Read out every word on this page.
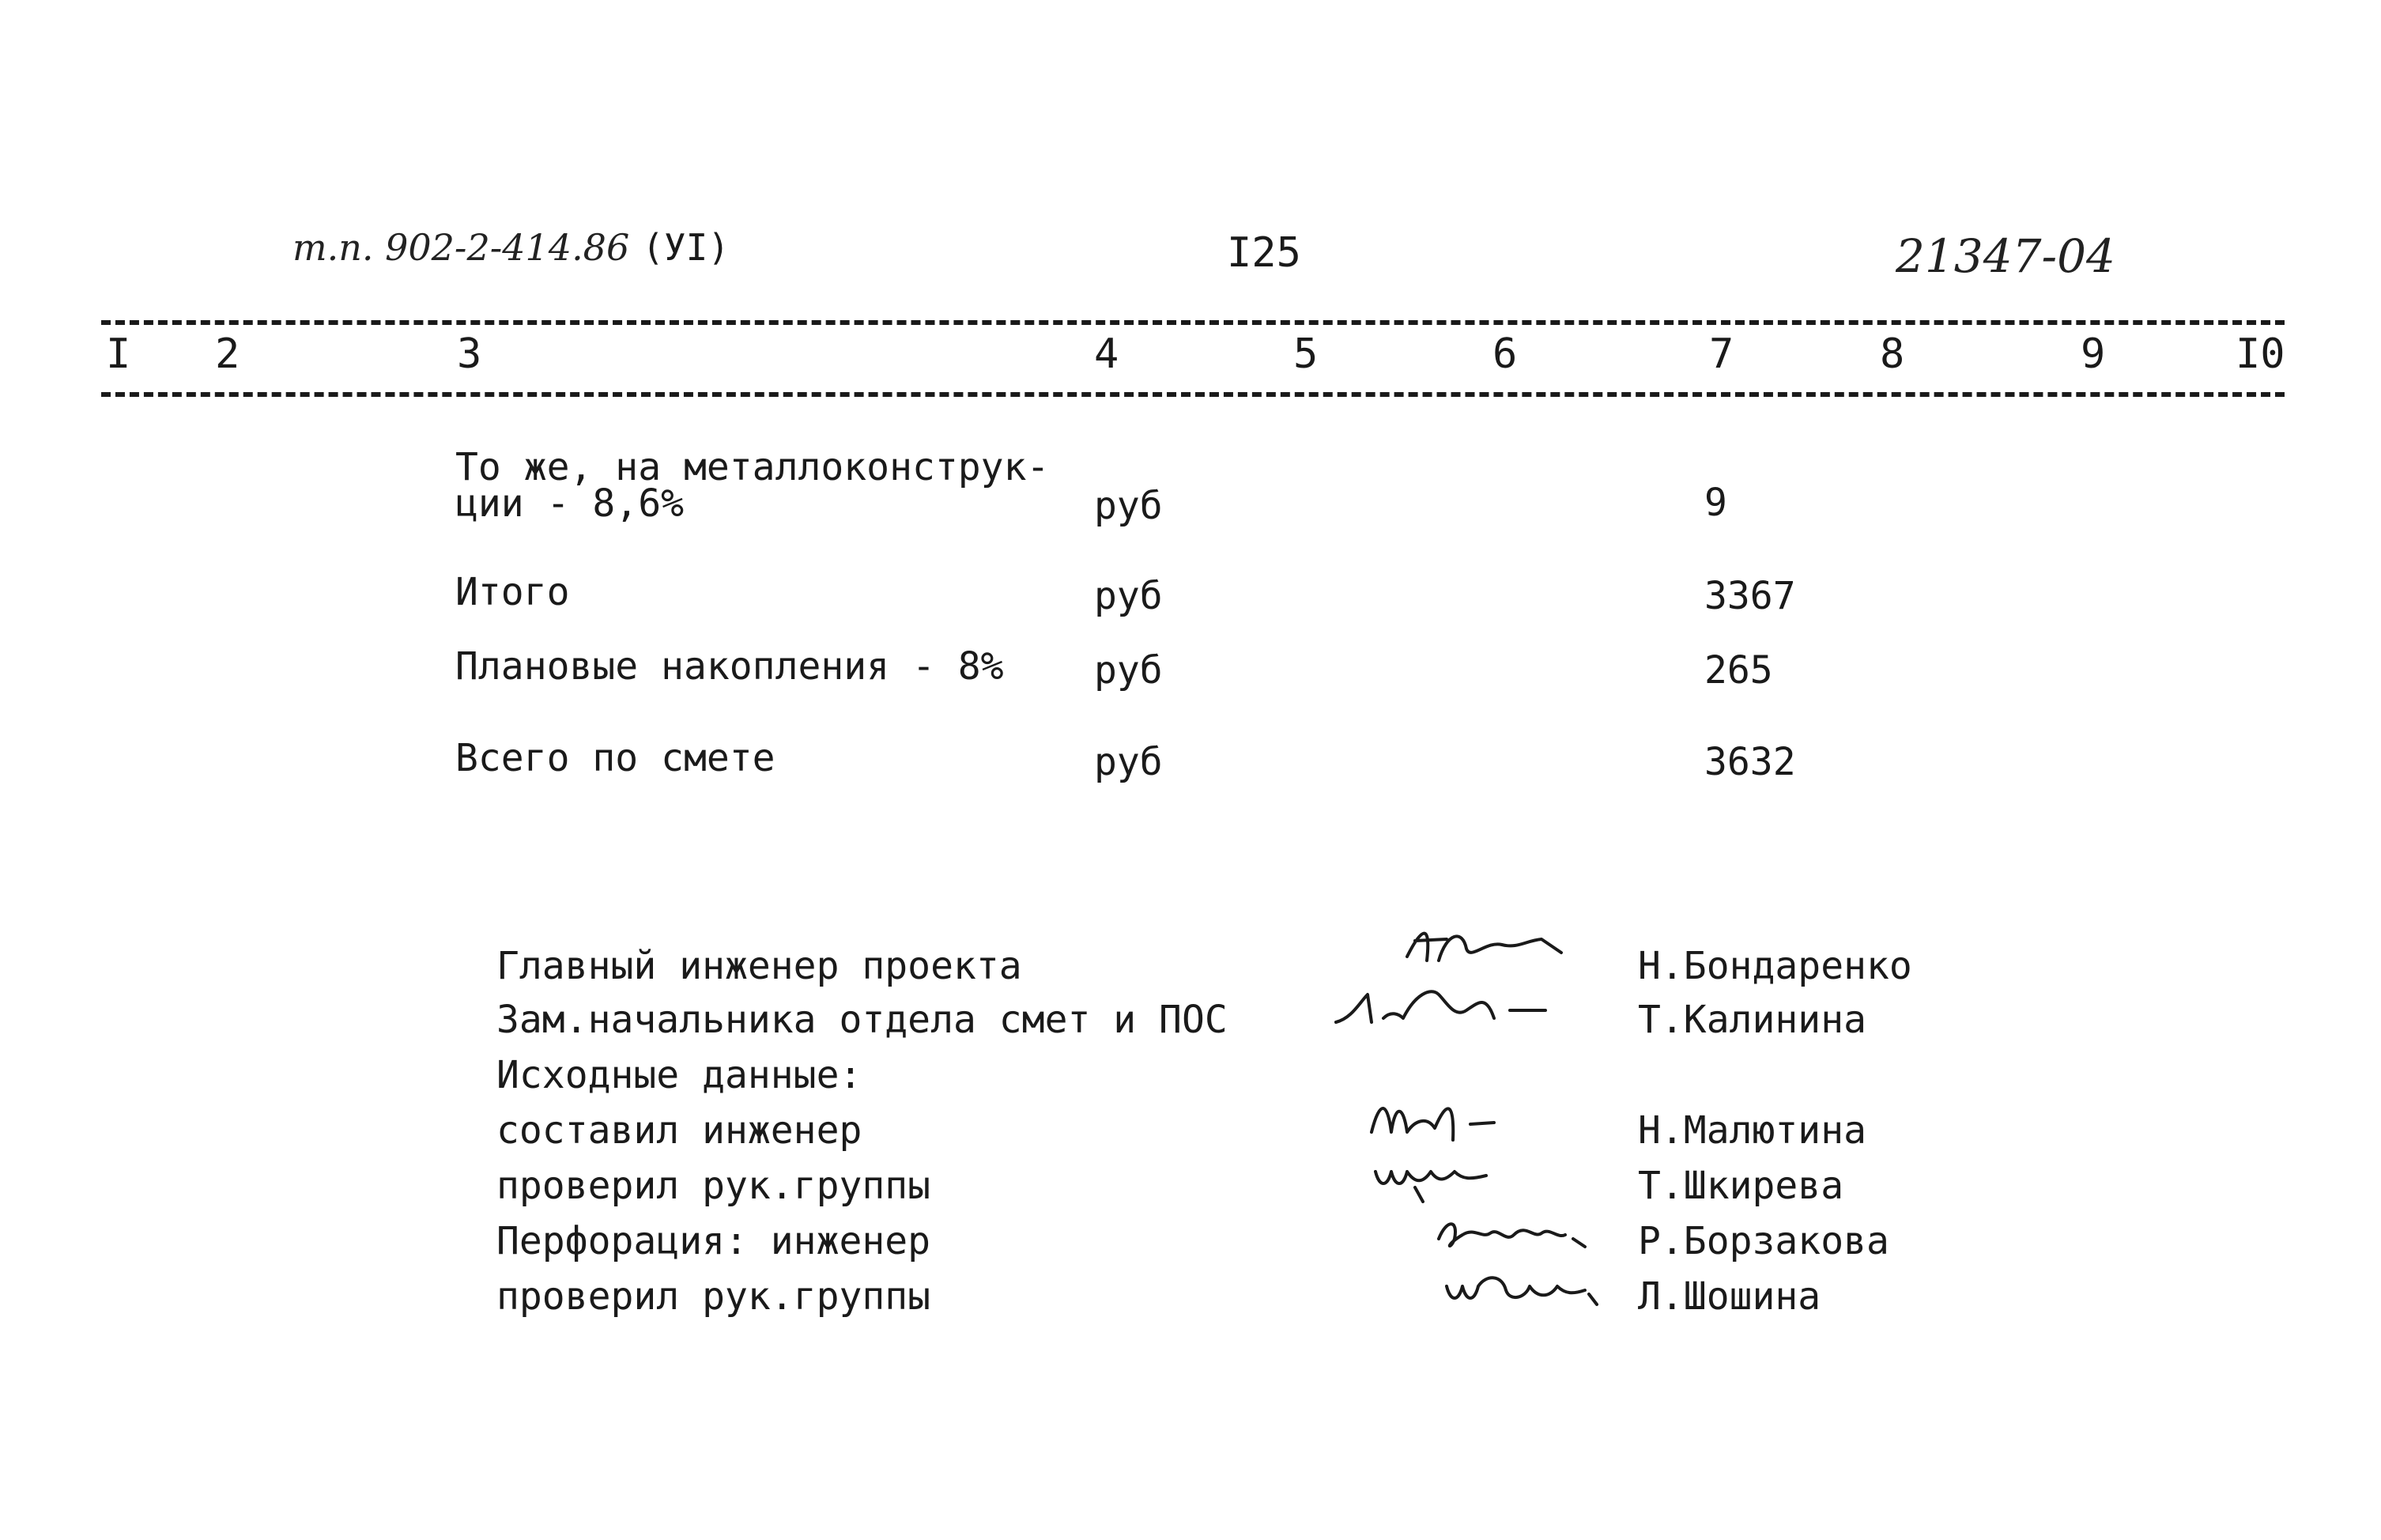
т.п. 902-2-414.86 (УI)	I25	21347-04
I 2	3	4	5	6	7	8	9	I0
То же, на металлоконструк-
ции - 8,6%	руб	9
Итого	руб	3367
Плановые накопления - 8% руб	265
Всего по смете	руб	3632
Главный инженер проекта	Н.Бондаренко
Зам.начальника отдела смет и ПОС	Т.Калинина
Исходные данные:
составил инженер	Н.Малютина
проверил рук.группы	Т.Шкирева
Перфорация: инженер	Р.Борзакова
проверил рук.группы	Л.Шошина
